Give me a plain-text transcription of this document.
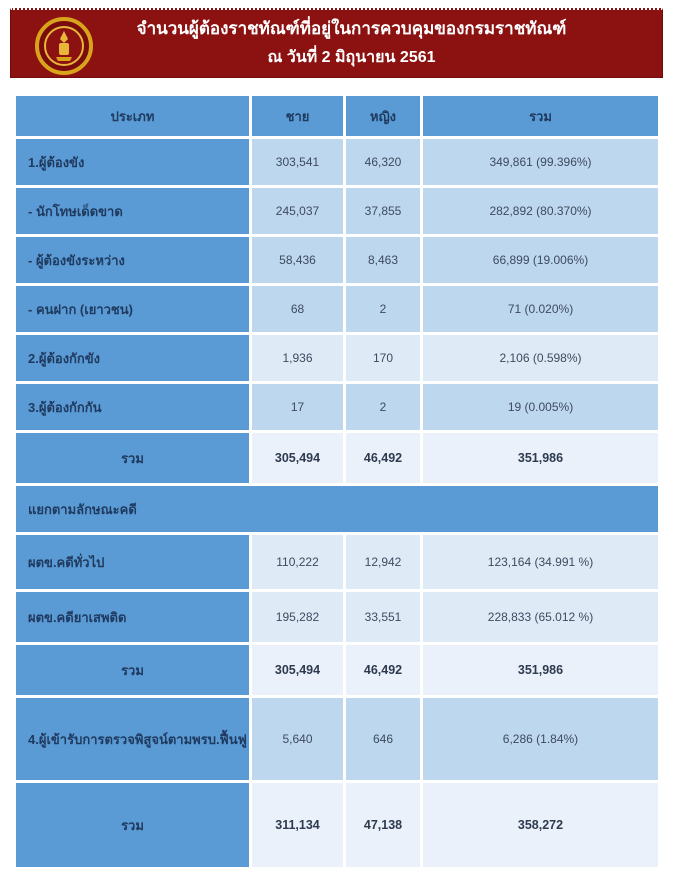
จำนวนผู้ต้องราชทัณฑ์ที่อยู่ในการควบคุมของกรมราชทัณฑ์
ณ วันที่ 2 มิถุนายน 2561
ประเภท	ชาย	หญิง	รวม
1.ผู้ต้องขัง	303,541	46,320	349,861 (99.396%)
- นักโทษเด็ดขาด	245,037	37,855	282,892 (80.370%)
- ผู้ต้องขังระหว่าง	58,436	8,463	66,899 (19.006%)
- คนฝาก (เยาวชน)	68	2	71 (0.020%)
2.ผู้ต้องกักขัง	1,936	170	2,106 (0.598%)
3.ผู้ต้องกักกัน	17	2	19 (0.005%)
รวม	305,494	46,492	351,986
แยกตามลักษณะคดี
ผตข.คดีทั่วไป	110,222	12,942	123,164 (34.991 %)
ผตข.คดียาเสพติด	195,282	33,551	228,833 (65.012 %)
รวม	305,494	46,492	351,986
4.ผู้เข้ารับการตรวจพิสูจน์ตามพรบ.ฟื้นฟู	5,640	646	6,286 (1.84%)
รวม	311,134	47,138	358,272
